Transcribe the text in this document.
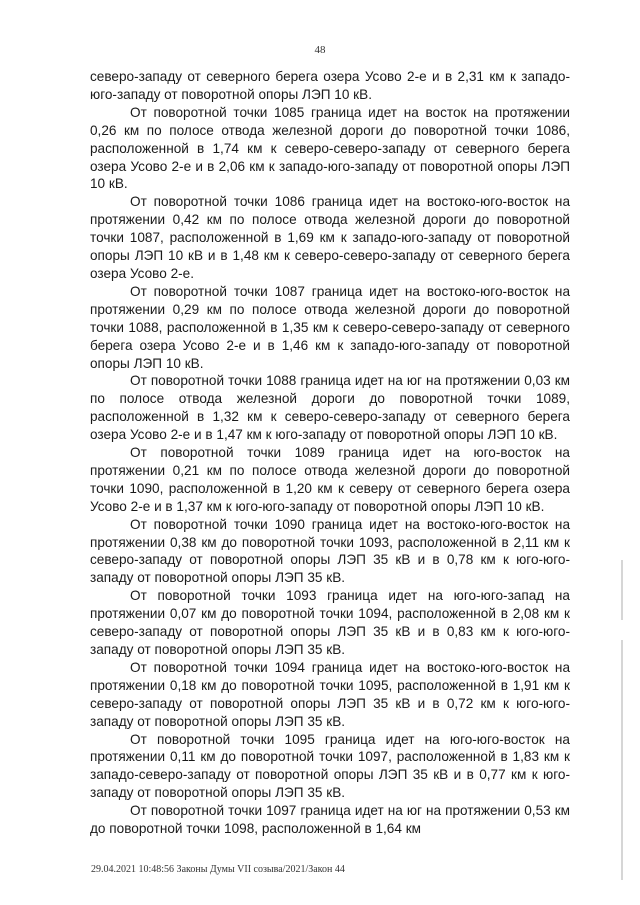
48

северо-западу от северного берега озера Усово 2-е и в 2,31 км к западо-юго-западу от поворотной опоры ЛЭП 10 кВ.

От поворотной точки 1085 граница идет на восток на протяжении 0,26 км по полосе отвода железной дороги до поворотной точки 1086, расположенной в 1,74 км к северо-северо-западу от северного берега озера Усово 2-е и в 2,06 км к западо-юго-западу от поворотной опоры ЛЭП 10 кВ.

От поворотной точки 1086 граница идет на востоко-юго-восток на протяжении 0,42 км по полосе отвода железной дороги до поворотной точки 1087, расположенной в 1,69 км к западо-юго-западу от поворотной опоры ЛЭП 10 кВ и в 1,48 км к северо-северо-западу от северного берега озера Усово 2-е.

От поворотной точки 1087 граница идет на востоко-юго-восток на протяжении 0,29 км по полосе отвода железной дороги до поворотной точки 1088, расположенной в 1,35 км к северо-северо-западу от северного берега озера Усово 2-е и в 1,46 км к западо-юго-западу от поворотной опоры ЛЭП 10 кВ.

От поворотной точки 1088 граница идет на юг на протяжении 0,03 км по полосе отвода железной дороги до поворотной точки 1089, расположенной в 1,32 км к северо-северо-западу от северного берега озера Усово 2-е и в 1,47 км к юго-западу от поворотной опоры ЛЭП 10 кВ.

От поворотной точки 1089 граница идет на юго-восток на протяжении 0,21 км по полосе отвода железной дороги до поворотной точки 1090, расположенной в 1,20 км к северу от северного берега озера Усово 2-е и в 1,37 км к юго-юго-западу от поворотной опоры ЛЭП 10 кВ.

От поворотной точки 1090 граница идет на востоко-юго-восток на протяжении 0,38 км до поворотной точки 1093, расположенной в 2,11 км к северо-западу от поворотной опоры ЛЭП 35 кВ и в 0,78 км к юго-юго-западу от поворотной опоры ЛЭП 35 кВ.

От поворотной точки 1093 граница идет на юго-юго-запад на протяжении 0,07 км до поворотной точки 1094, расположенной в 2,08 км к северо-западу от поворотной опоры ЛЭП 35 кВ и в 0,83 км к юго-юго-западу от поворотной опоры ЛЭП 35 кВ.

От поворотной точки 1094 граница идет на востоко-юго-восток на протяжении 0,18 км до поворотной точки 1095, расположенной в 1,91 км к северо-западу от поворотной опоры ЛЭП 35 кВ и в 0,72 км к юго-юго-западу от поворотной опоры ЛЭП 35 кВ.

От поворотной точки 1095 граница идет на юго-юго-восток на протяжении 0,11 км до поворотной точки 1097, расположенной в 1,83 км к западо-северо-западу от поворотной опоры ЛЭП 35 кВ и в 0,77 км к юго-западу от поворотной опоры ЛЭП 35 кВ.

От поворотной точки 1097 граница идет на юг на протяжении 0,53 км до поворотной точки 1098, расположенной в 1,64 км

29.04.2021 10:48:56 Законы Думы VII созыва/2021/Закон 44
